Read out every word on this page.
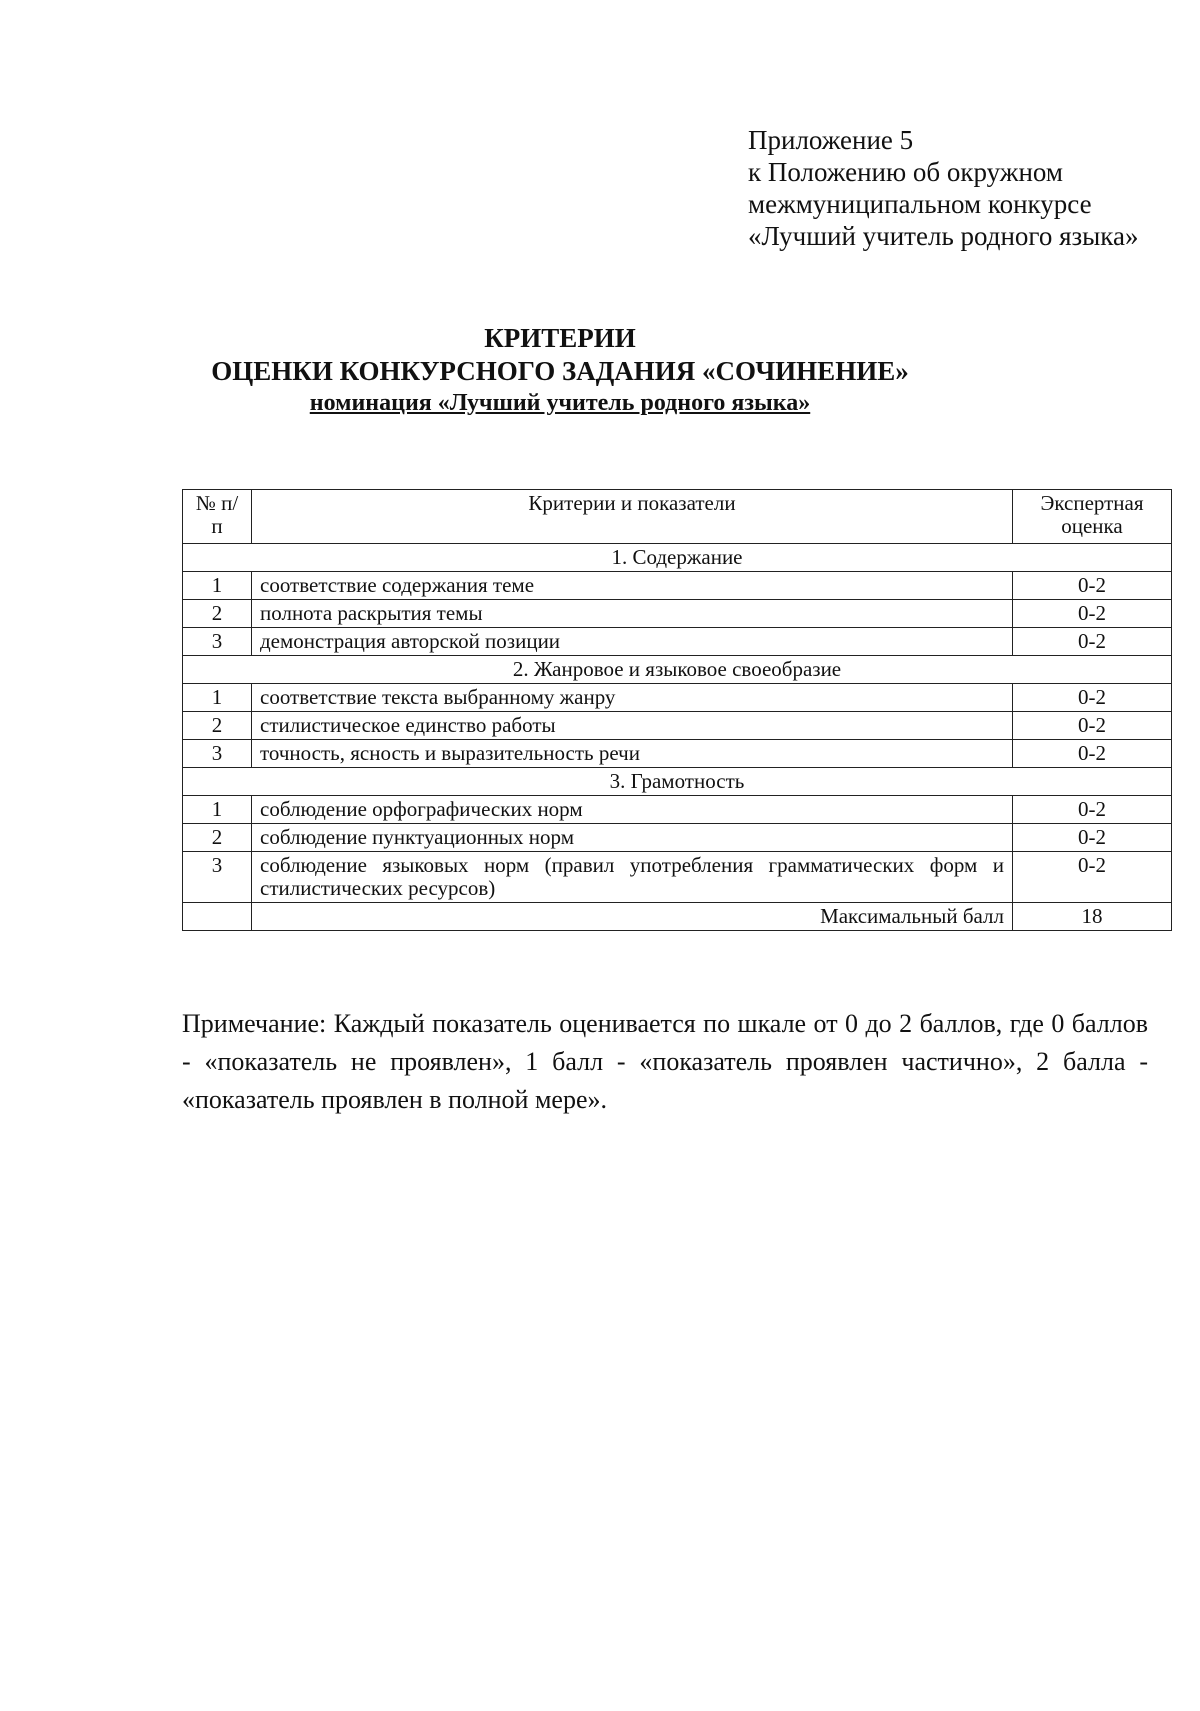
Приложение 5
к Положению об окружном
межмуниципальном конкурсе
«Лучший учитель родного языка»
КРИТЕРИИ
ОЦЕНКИ КОНКУРСНОГО ЗАДАНИЯ «СОЧИНЕНИЕ»
номинация «Лучший учитель родного языка»
№ п/п	Критерии и показатели	Экспертная оценка
1. Содержание		
1	соответствие содержания теме	0-2
2	полнота раскрытия темы	0-2
3	демонстрация авторской позиции	0-2
2. Жанровое и языковое своеобразие		
1	соответствие текста выбранному жанру	0-2
2	стилистическое единство работы	0-2
3	точность, ясность и выразительность речи	0-2
3. Грамотность		
1	соблюдение орфографических норм	0-2
2	соблюдение пунктуационных норм	0-2
3	соблюдение языковых норм (правил употребления грамматических форм и стилистических ресурсов)	0-2
	Максимальный балл	18
Примечание: Каждый показатель оценивается по шкале от 0 до 2 баллов, где 0 баллов - «показатель не проявлен», 1 балл - «показатель проявлен частично», 2 балла - «показатель проявлен в полной мере».
